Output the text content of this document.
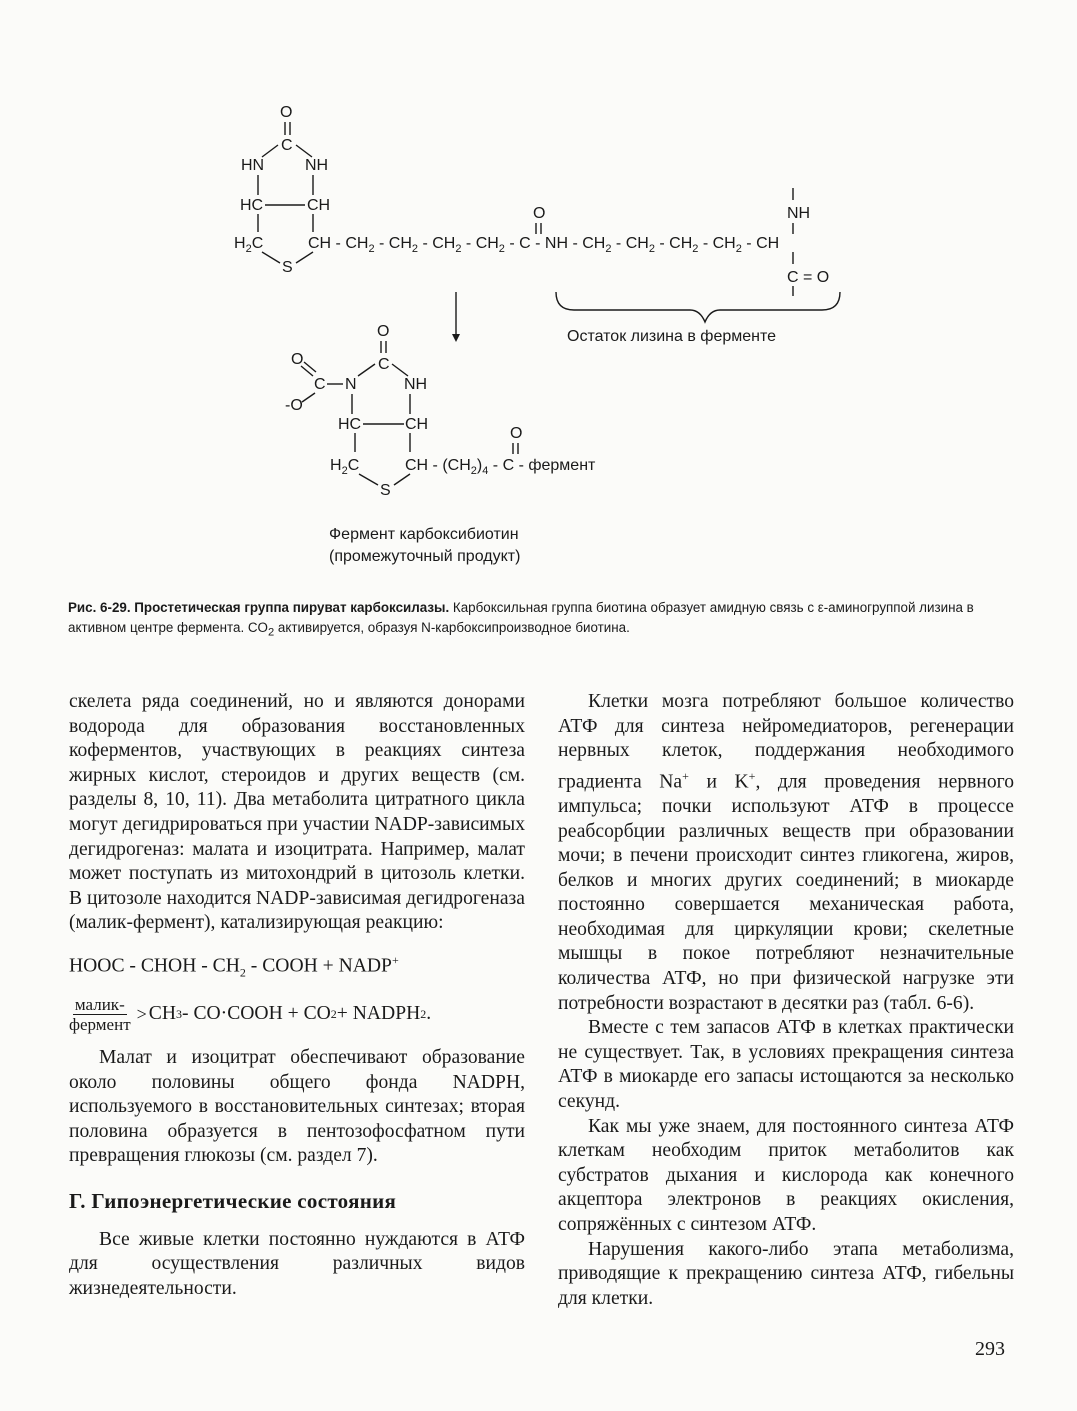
O
C
HN	NH
HC	CH
$H_2C$
S
CH - $CH_2 - CH_2 - CH_2 - CH_2$ - C - NH - $CH_2 - CH_2 - CH_2 - CH_2$ - CH
O	NH
C = O
Остаток лизина в ферменте
O
C
O
C N
-O
NH
HC	CH
$H_2C$
S
CH - $(CH_2)_4$ - C - фермент
O
Фермент карбоксибиотин
(промежуточный продукт)
Рис. 6-29. Простетическая группа пируват карбоксилазы. Карбоксильная группа биотина образует амидную связь с ε-аминогруппой лизина в активном центре фермента. $CO_2$ активируется, образуя N-карбоксипроизводное биотина.

скелета ряда соединений, но и являются донорами водорода для образования восстановленных коферментов, участвующих в реакциях синтеза жирных кислот, стероидов и других веществ (см. разделы 8, 10, 11). Два метаболита цитратного цикла могут дегидрироваться при участии NADP-зависимых дегидрогеназ: малата и изоцитрата. Например, малат может поступать из митохондрий в цитозоль клетки. В цитозоле находится NADP-зависимая дегидрогеназа (малик-фермент), катализирующая реакцию:

HOOC - CHOH - $CH_2$ - COOH + NADP+
$\frac{\text{малик-}}{\text{фермент}}$ > CH 3 - CO·COOH + CO 2 + NADPH 2 .

Малат и изоцитрат обеспечивают образование около половины общего фонда NADPH, используемого в восстановительных синтезах; вторая половина образуется в пентозофосфатном пути превращения глюкозы (см. раздел 7).

Г. Гипоэнергетические состояния

Все живые клетки постоянно нуждаются в АТФ для осуществления различных видов жизнедеятельности.

Клетки мозга потребляют большое количество АТФ для синтеза нейромедиаторов, регенерации нервных клеток, поддержания необходимого градиента Na+ и K+, для проведения нервного импульса; почки используют АТФ в процессе реабсорбции различных веществ при образовании мочи; в печени происходит синтез гликогена, жиров, белков и многих других соединений; в миокарде постоянно совершается механическая работа, необходимая для циркуляции крови; скелетные мышцы в покое потребляют незначительные количества АТФ, но при физической нагрузке эти потребности возрастают в десятки раз (табл. 6-6).

Вместе с тем запасов АТФ в клетках практически не существует. Так, в условиях прекращения синтеза АТФ в миокарде его запасы истощаются за несколько секунд.

Как мы уже знаем, для постоянного синтеза АТФ клеткам необходим приток метаболитов как субстратов дыхания и кислорода как конечного акцептора электронов в реакциях окисления, сопряжённых с синтезом АТФ.

Нарушения какого-либо этапа метаболизма, приводящие к прекращению синтеза АТФ, гибельны для клетки.

293
